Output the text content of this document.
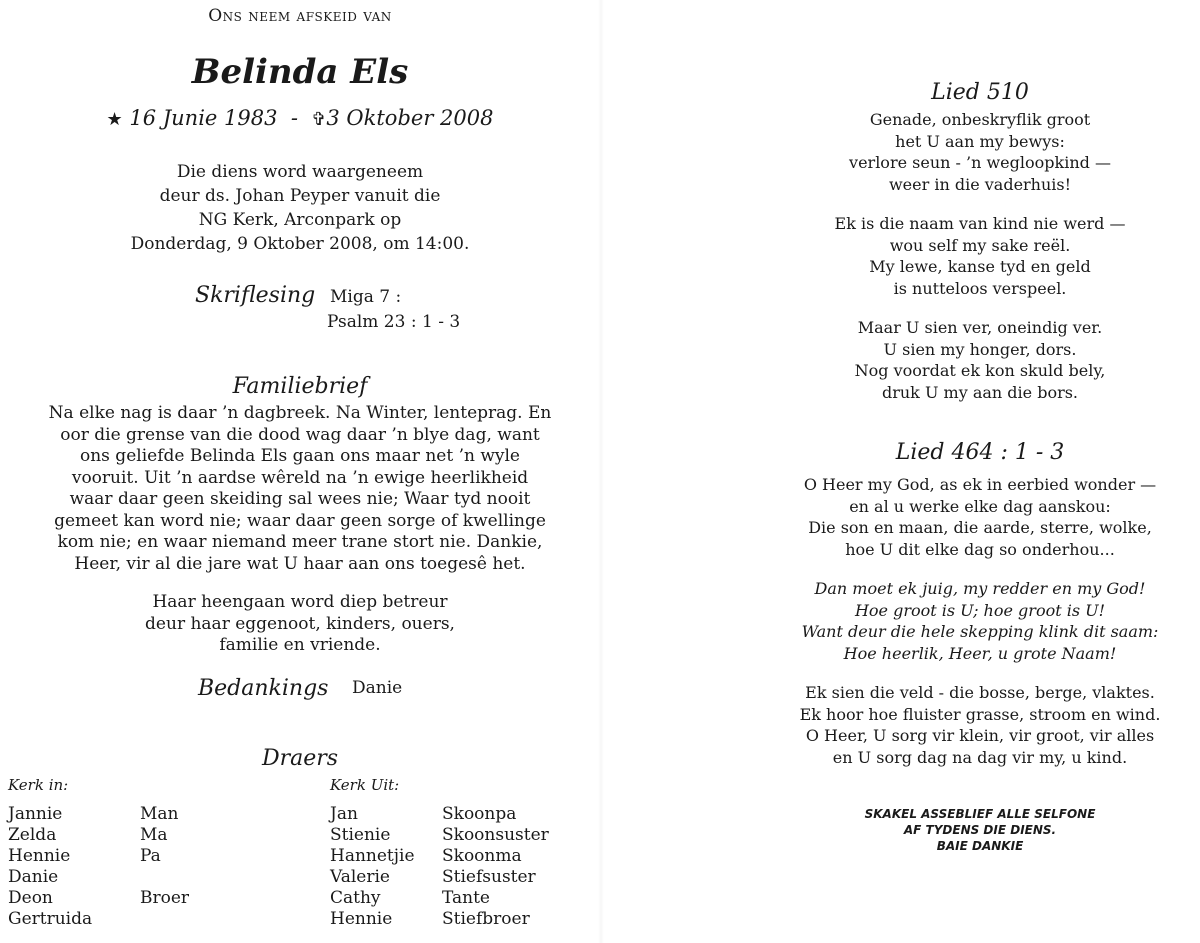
Ons neem afskeid van
Belinda Els
★ 16 Junie 1983 - ✞3 Oktober 2008
Die diens word waargeneem
deur ds. Johan Peyper vanuit die
NG Kerk, Arconpark op
Donderdag, 9 Oktober 2008, om 14:00.
Skriflesing Miga 7 :
Psalm 23 : 1 - 3
Familiebrief

Na elke nag is daar ’n dagbreek. Na Winter, lenteprag. En oor die grense van die dood wag daar ’n blye dag, want ons geliefde Belinda Els gaan ons maar net ’n wyle vooruit. Uit ’n aardse wêreld na ’n ewige heerlikheid waar daar geen skeiding sal wees nie; Waar tyd nooit gemeet kan word nie; waar daar geen sorge of kwellinge kom nie; en waar niemand meer trane stort nie. Dankie, Heer, vir al die jare wat U haar aan ons toegesê het.

Haar heengaan word diep betreur deur haar eggenoot, kinders, ouers, familie en vriende.

Bedankings Danie
Draers
Kerk in:	Kerk Uit:
Jannie
Zelda
Hennie
Danie
Deon
Gertruida
Man
Ma
Pa
Broer
Jan
Stienie
Hannetjie
Valerie
Cathy
Hennie
Skoonpa
Skoonsuster
Skoonma
Stiefsuster
Tante
Stiefbroer
Lied 510
Genade, onbeskryflik groot
het U aan my bewys:
verlore seun - ’n wegloopkind —
weer in die vaderhuis!
Ek is die naam van kind nie werd —
wou self my sake reël.
My lewe, kanse tyd en geld
is nutteloos verspeel.
Maar U sien ver, oneindig ver.
U sien my honger, dors.
Nog voordat ek kon skuld bely,
druk U my aan die bors.
Lied 464 : 1 - 3
O Heer my God, as ek in eerbied wonder —
en al u werke elke dag aanskou:
Die son en maan, die aarde, sterre, wolke,
hoe U dit elke dag so onderhou...
Dan moet ek juig, my redder en my God!
Hoe groot is U; hoe groot is U!
Want deur die hele skepping klink dit saam:
Hoe heerlik, Heer, u grote Naam!
Ek sien die veld - die bosse, berge, vlaktes.
Ek hoor hoe fluister grasse, stroom en wind.
O Heer, U sorg vir klein, vir groot, vir alles
en U sorg dag na dag vir my, u kind.
SKAKEL ASSEBLIEF ALLE SELFONE
AF TYDENS DIE DIENS.
BAIE DANKIE
